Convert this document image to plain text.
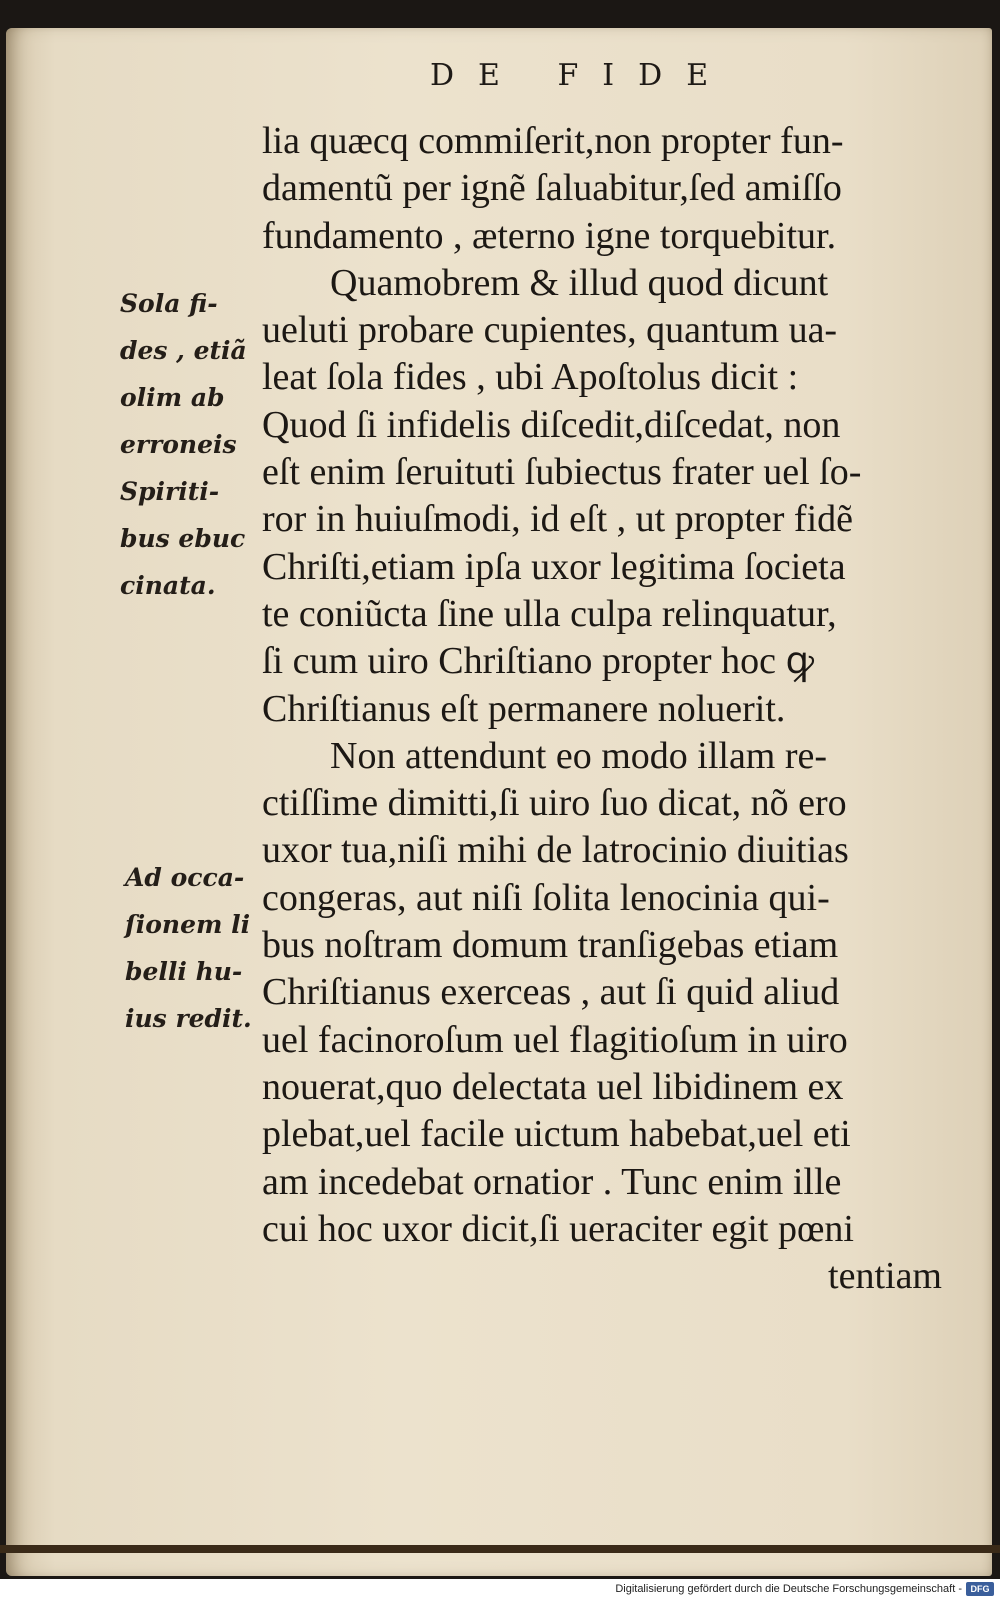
DE FIDE
lia quæcq commiſerit,non propter fun-
damentũ per ignẽ ſaluabitur,ſed amiſſo
fundamento , æterno igne torquebitur.
Quamobrem & illud quod dicunt
ueluti probare cupientes, quantum ua-
leat ſola fides , ubi Apoſtolus dicit :
Quod ſi infidelis diſcedit,diſcedat, non
eſt enim ſeruituti ſubiectus frater uel ſo-
ror in huiuſmodi, id eſt , ut propter fidẽ
Chriſti,etiam ipſa uxor legitima ſocieta
te coniũcta ſine ulla culpa relinquatur,
ſi cum uiro Chriſtiano propter hoc ꝙ
Chriſtianus eſt permanere noluerit.
Non attendunt eo modo illam re-
ctiſſime dimitti,ſi uiro ſuo dicat, nõ ero
uxor tua,niſi mihi de latrocinio diuitias
congeras, aut niſi ſolita lenocinia qui-
bus noſtram domum tranſigebas etiam
Chriſtianus exerceas , aut ſi quid aliud
uel facinoroſum uel flagitioſum in uiro
nouerat,quo delectata uel libidinem ex
plebat,uel facile uictum habebat,uel eti
am incedebat ornatior . Tunc enim ille
cui hoc uxor dicit,ſi ueraciter egit pœni
tentiam
Sola fi-
des , etiã
olim ab
erroneis
Spiriti-
bus ebuc
cinata.
Ad occa-
ſionem li
belli hu-
ius redit.
Digitalisierung gefördert durch die Deutsche Forschungsgemeinschaft - DFG
